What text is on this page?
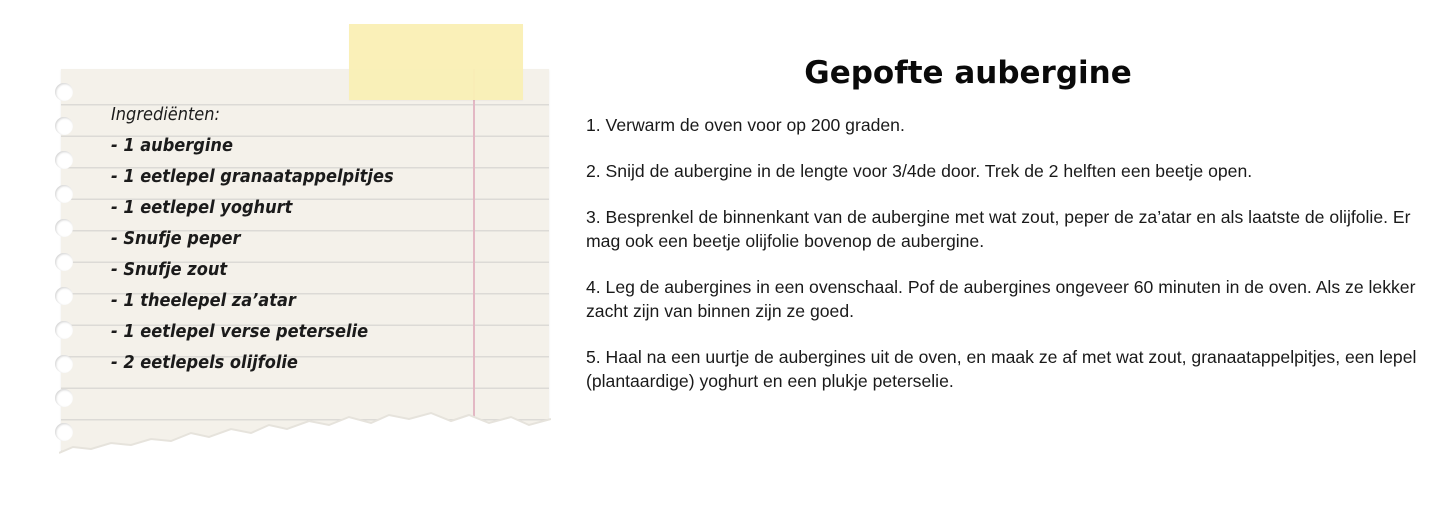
Ingrediënten:
- 1 aubergine
- 1 eetlepel granaatappelpitjes
- 1 eetlepel yoghurt
- Snufje peper
- Snufje zout
- 1 theelepel za’atar
- 1 eetlepel verse peterselie
- 2 eetlepels olijfolie
Gepofte aubergine

1. Verwarm de oven voor op 200 graden.

2. Snijd de aubergine in de lengte voor 3/4de door. Trek de 2 helften een beetje open.

3. Besprenkel de binnenkant van de aubergine met wat zout, peper de za’atar en als laatste de olijfolie. Er mag ook een beetje olijfolie bovenop de aubergine.

4. Leg de aubergines in een ovenschaal. Pof de aubergines ongeveer 60 minuten in de oven. Als ze lekker zacht zijn van binnen zijn ze goed.

5. Haal na een uurtje de aubergines uit de oven, en maak ze af met wat zout, granaatappelpitjes, een lepel (plantaardige) yoghurt en een plukje peterselie.
